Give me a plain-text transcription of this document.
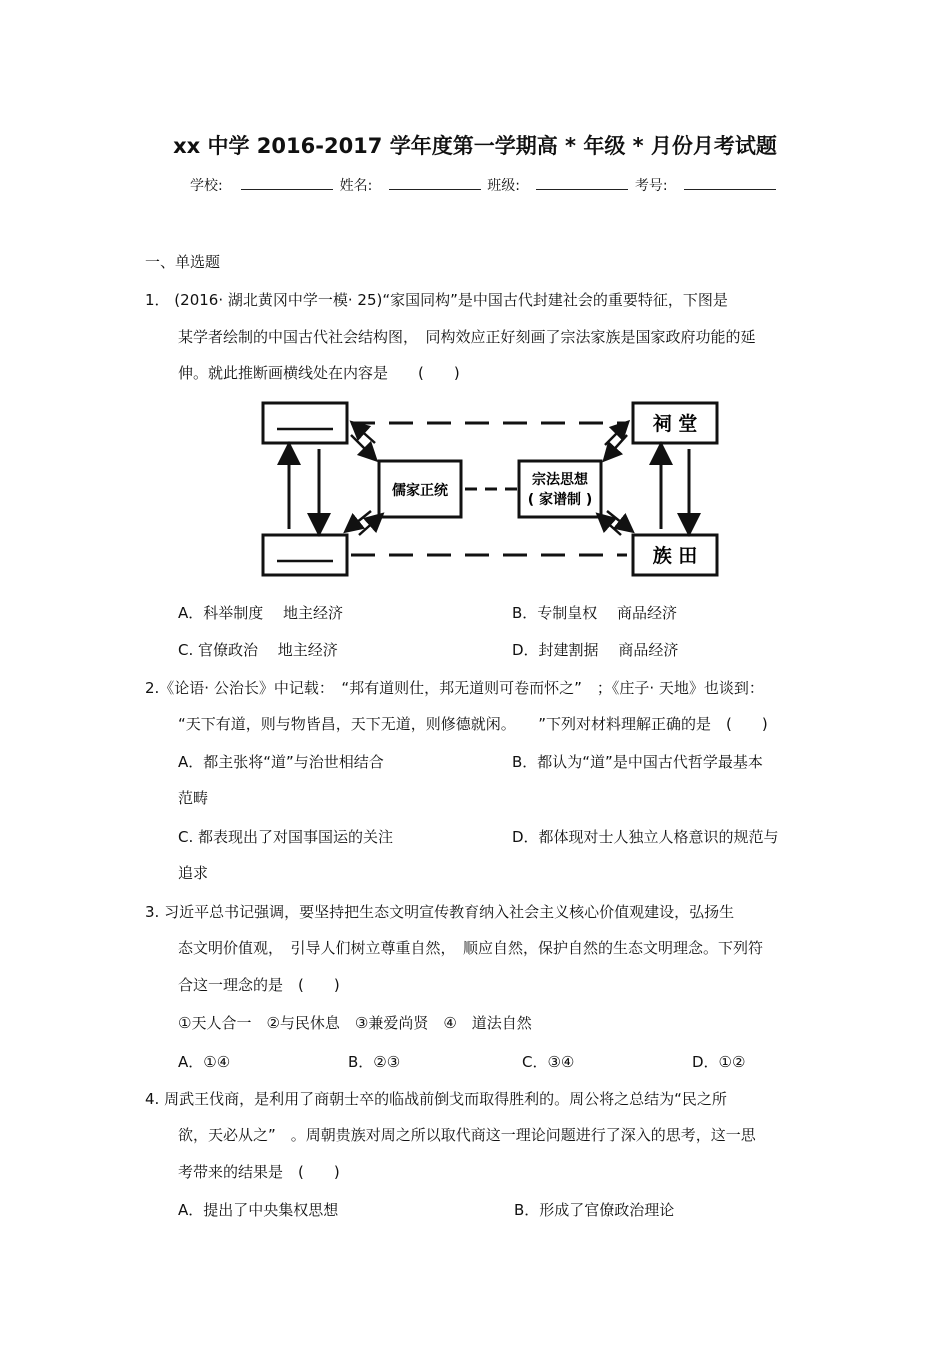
xx 中学 2016-2017 学年度第一学期高 * 年级 * 月份月考试题
学校:	姓名:	班级:	考号:
一、单选题
1． (2016· 湖北黄冈中学一模· 25)“家国同构”是中国古代封建社会的重要特征，下图是
某学者绘制的中国古代社会结构图，　同构效应正好刻画了宗法家族是国家政府功能的延
伸。就此推断画横线处在内容是　　(　　)
祠 堂
族 田
儒家正统
宗法思想
( 家谱制 )
A．科举制度　 地主经济	B．专制皇权　 商品经济
C. 官僚政治　 地主经济	D．封建割据　 商品经济
2.《论语· 公治长》中记载：　“邦有道则仕，邦无道则可卷而怀之”　；《庄子· 天地》也谈到：
“天下有道，则与物皆昌，天下无道，则修德就闲。　　”下列对材料理解正确的是　(　　)
A．都主张将“道”与治世相结合	B．都认为“道”是中国古代哲学最基本
范畴
C. 都表现出了对国事国运的关注	D．都体现对士人独立人格意识的规范与
追求
3. 习近平总书记强调，要坚持把生态文明宣传教育纳入社会主义核心价值观建设，弘扬生
态文明价值观，　引导人们树立尊重自然，　顺应自然，保护自然的生态文明理念。下列符
合这一理念的是　(　　)
①天人合一　②与民休息　③兼爱尚贤　④　道法自然
A．①④	B．②③	C．③④	D．①②
4. 周武王伐商，是利用了商朝士卒的临战前倒戈而取得胜利的。周公将之总结为“民之所
欲，天必从之”　。周朝贵族对周之所以取代商这一理论问题进行了深入的思考，这一思
考带来的结果是　(　　)
A．提出了中央集权思想	B．形成了官僚政治理论
